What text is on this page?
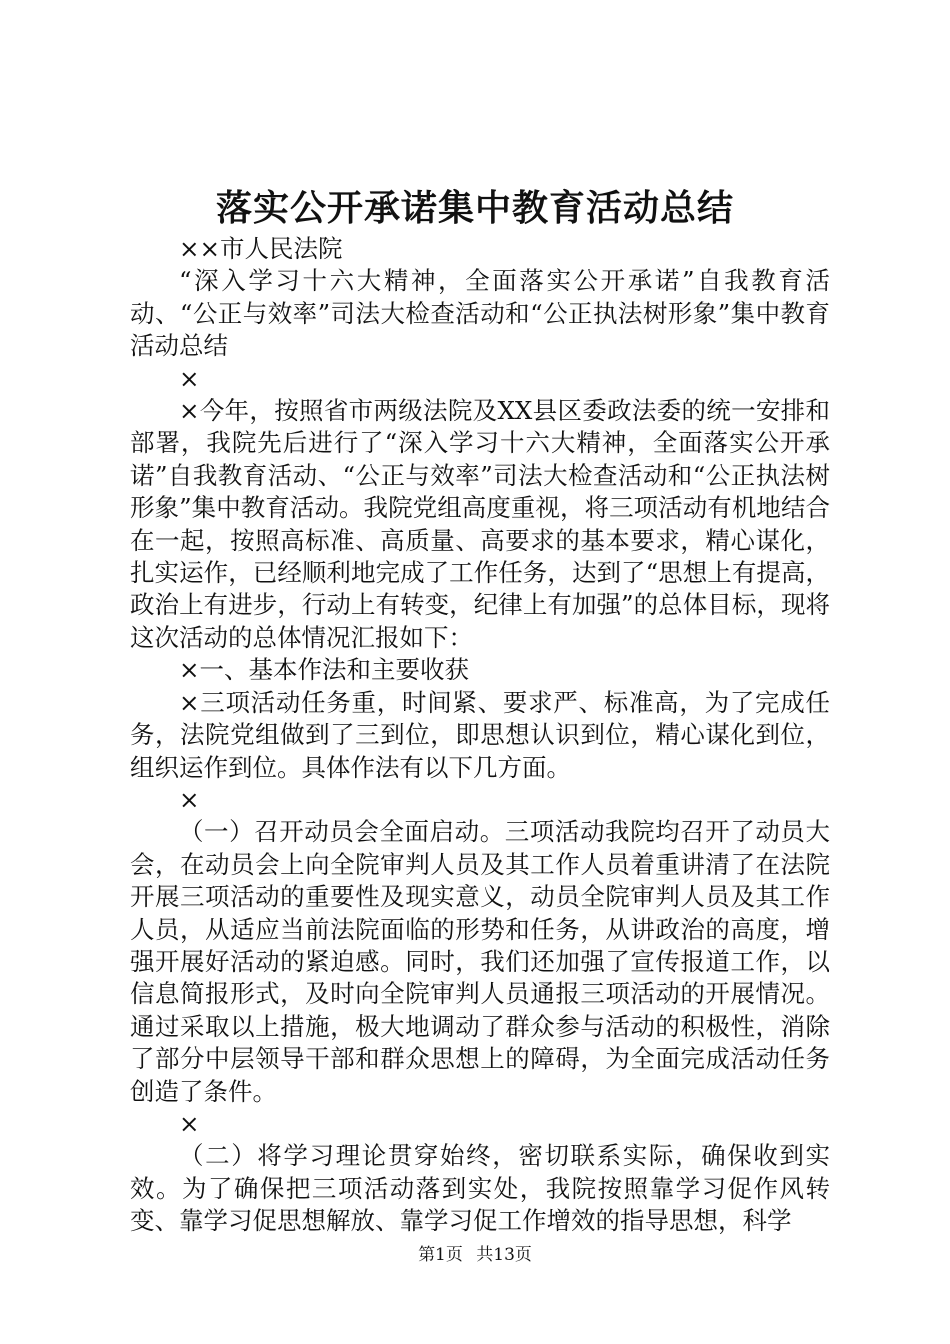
落实公开承诺集中教育活动总结

××市人民法院

“深入学习十六大精神，全面落实公开承诺”自我教育活动、“公正与效率”司法大检查活动和“公正执法树形象”集中教育活动总结

×

×今年，按照省市两级法院及XX县区委政法委的统一安排和部署，我院先后进行了“深入学习十六大精神，全面落实公开承诺”自我教育活动、“公正与效率”司法大检查活动和“公正执法树形象”集中教育活动。我院党组高度重视，将三项活动有机地结合在一起，按照高标准、高质量、高要求的基本要求，精心谋化，扎实运作，已经顺利地完成了工作任务，达到了“思想上有提高，政治上有进步，行动上有转变，纪律上有加强”的总体目标，现将这次活动的总体情况汇报如下：

×一、基本作法和主要收获

×三项活动任务重，时间紧、要求严、标准高，为了完成任务，法院党组做到了三到位，即思想认识到位，精心谋化到位，组织运作到位。具体作法有以下几方面。

×

（一）召开动员会全面启动。三项活动我院均召开了动员大会，在动员会上向全院审判人员及其工作人员着重讲清了在法院开展三项活动的重要性及现实意义，动员全院审判人员及其工作人员，从适应当前法院面临的形势和任务，从讲政治的高度，增强开展好活动的紧迫感。同时，我们还加强了宣传报道工作，以信息简报形式，及时向全院审判人员通报三项活动的开展情况。通过采取以上措施，极大地调动了群众参与活动的积极性，消除了部分中层领导干部和群众思想上的障碍，为全面完成活动任务创造了条件。

×

（二）将学习理论贯穿始终，密切联系实际，确保收到实效。为了确保把三项活动落到实处，我院按照靠学习促作风转变、靠学习促思想解放、靠学习促工作增效的指导思想，科学

第1页 共13页
